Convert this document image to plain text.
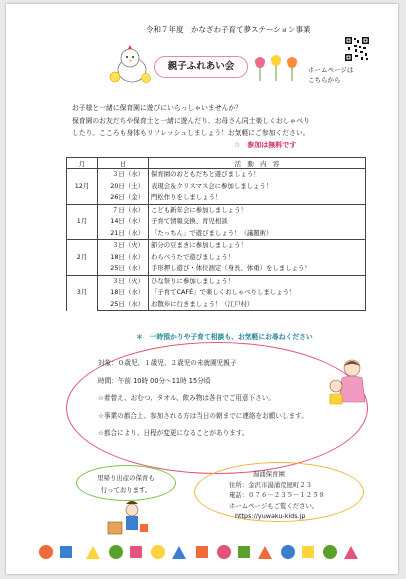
令和７年度　かなざわ子育て夢ステーション事業
親子ふれあい会	ホームページは
こちらから
お子様と一緒に保育園に遊びにいらっしゃいませんか？
保育園のお友だちや保育士と一緒に遊んだり、お母さん同士楽しくおしゃべり
したり、こころも身体もリフレッシュしましょう！お気軽にご参加ください。
☆　参加は無料です
月	日	活　動　内　容
12月	３日（水）	保育園のおともだちと遊びましょう！
	20日（土）	表現会＆クリスマス会に参加しましょう！
	26日（金）	門松作りをしましょう！
1月	７日（水）	こども新年会に参加しましょう！
	14日（水）	子育て情報交換、育児相談
	21日（水）	「たっちん」で遊びましょう！（議題術）
2月	３日（火）	節分の豆まきに参加しましょう！
	18日（水）	わらべうたで遊びましょう！
	25日（水）	手形押し遊び・体位測定（身長、体重）をしましょう！
3月	３日（火）	ひな祭りに参加しましょう！
	18日（水）	「子育てCAFÉ」で楽しくおしゃべりしましょう！
	25日（水）	お散歩に行きましょう！（江戸村）
＊　一時預かりや子育て相談も、お気軽にお尋ねください
対象：０歳児、１歳児、２歳児の未就園児親子
時間：午前 10時 00分～11時 15分頃
☆着替え、おむつ、タオル、飲み物は各自でご用意下さい。
☆事業の都合上、参加される方は当日の朝までに連絡をお願いします。
☆都合により、日程が変更になることがあります。
里帰り出産の保育も
行っております。
湯涌保育園
住所：金沢市湯涌荒屋町２３
電話：０７６－２３５－１２５８
ホームページもご覧ください。
https://yuwaku-kids.jp
